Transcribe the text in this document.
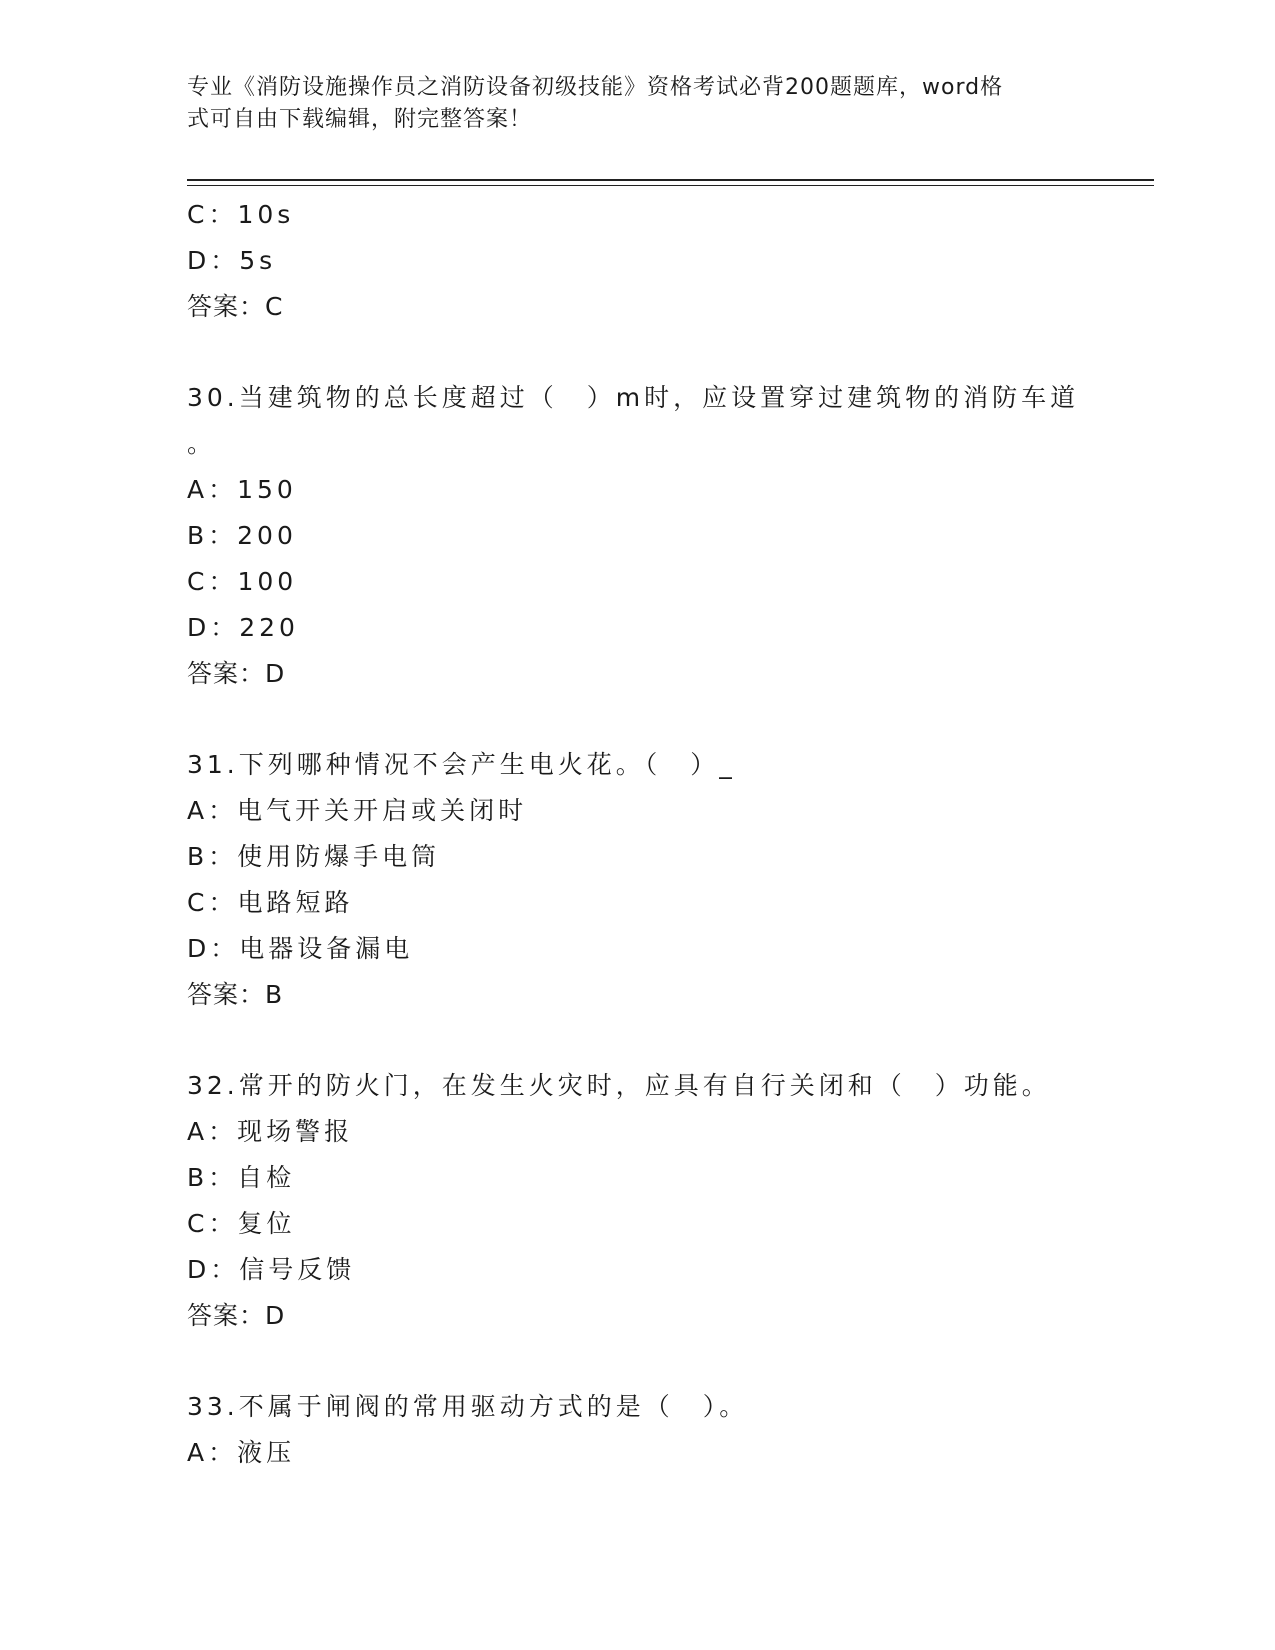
专业《消防设施操作员之消防设备初级技能》资格考试必背200题题库，word格
式可自由下载编辑，附完整答案！
C：10s
D：5s
答案：C
30.当建筑物的总长度超过（　）m时，应设置穿过建筑物的消防车道
。
A：150
B：200
C：100
D：220
答案：D
31.下列哪种情况不会产生电火花。（　）_
A：电气开关开启或关闭时
B：使用防爆手电筒
C：电路短路
D：电器设备漏电
答案：B
32.常开的防火门，在发生火灾时，应具有自行关闭和（　）功能。
A：现场警报
B：自检
C：复位
D：信号反馈
答案：D
33.不属于闸阀的常用驱动方式的是（　）。
A：液压
